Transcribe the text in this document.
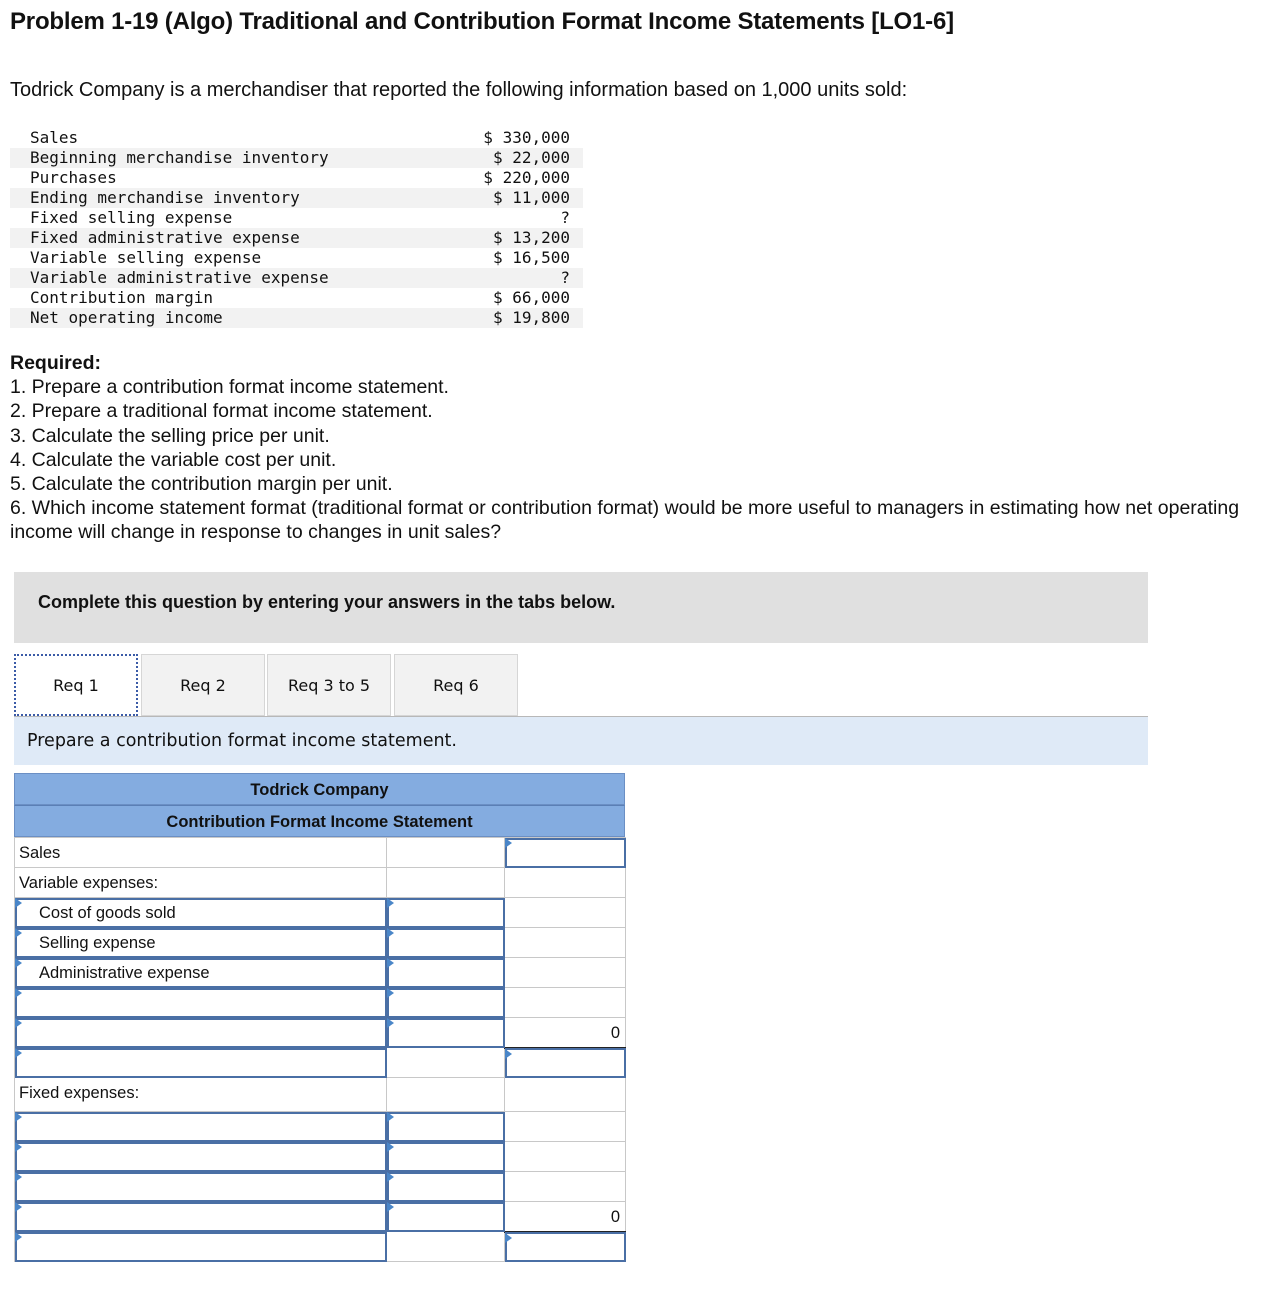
Problem 1-19 (Algo) Traditional and Contribution Format Income Statements [LO1-6]
Todrick Company is a merchandiser that reported the following information based on 1,000 units sold:
Sales	$ 330,000
Beginning merchandise inventory	$ 22,000
Purchases	$ 220,000
Ending merchandise inventory	$ 11,000
Fixed selling expense	?
Fixed administrative expense	$ 13,200
Variable selling expense	$ 16,500
Variable administrative expense	?
Contribution margin	$ 66,000
Net operating income	$ 19,800
Required:
1. Prepare a contribution format income statement.
2. Prepare a traditional format income statement.
3. Calculate the selling price per unit.
4. Calculate the variable cost per unit.
5. Calculate the contribution margin per unit.
6. Which income statement format (traditional format or contribution format) would be more useful to managers in estimating how net operating income will change in response to changes in unit sales?
Complete this question by entering your answers in the tabs below.
Req 1	Req 2	Req 3 to 5	Req 6
Prepare a contribution format income statement.
Todrick Company
Contribution Format Income Statement
Sales		

Variable expenses:		

Cost of goods sold		

Selling expense		

Administrative expense		

		0

Fixed expenses:		

		0
